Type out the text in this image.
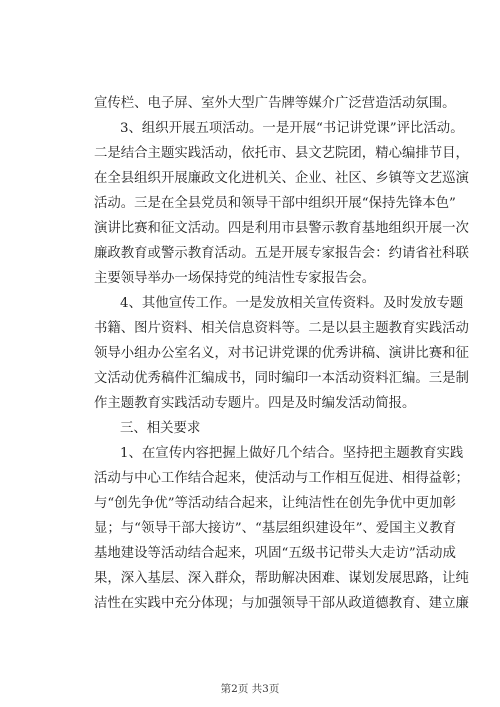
宣传栏、电子屏、室外大型广告牌等媒介广泛营造活动氛围。
3、组织开展五项活动。一是开展“书记讲党课”评比活动。
二是结合主题实践活动，依托市、县文艺院团，精心编排节目，
在全县组织开展廉政文化进机关、企业、社区、乡镇等文艺巡演
活动。三是在全县党员和领导干部中组织开展“保持先锋本色”
演讲比赛和征文活动。四是利用市县警示教育基地组织开展一次
廉政教育或警示教育活动。五是开展专家报告会：约请省社科联
主要领导举办一场保持党的纯洁性专家报告会。
4、其他宣传工作。一是发放相关宣传资料。及时发放专题
书籍、图片资料、相关信息资料等。二是以县主题教育实践活动
领导小组办公室名义，对书记讲党课的优秀讲稿、演讲比赛和征
文活动优秀稿件汇编成书，同时编印一本活动资料汇编。三是制
作主题教育实践活动专题片。四是及时编发活动简报。
三、相关要求
1、在宣传内容把握上做好几个结合。坚持把主题教育实践
活动与中心工作结合起来，使活动与工作相互促进、相得益彰；
与“创先争优”等活动结合起来，让纯洁性在创先争优中更加彰
显；与“领导干部大接访”、“基层组织建设年”、爱国主义教育
基地建设等活动结合起来，巩固“五级书记带头大走访”活动成
果，深入基层、深入群众，帮助解决困难、谋划发展思路，让纯
洁性在实践中充分体现；与加强领导干部从政道德教育、建立廉
第2页 共3页
